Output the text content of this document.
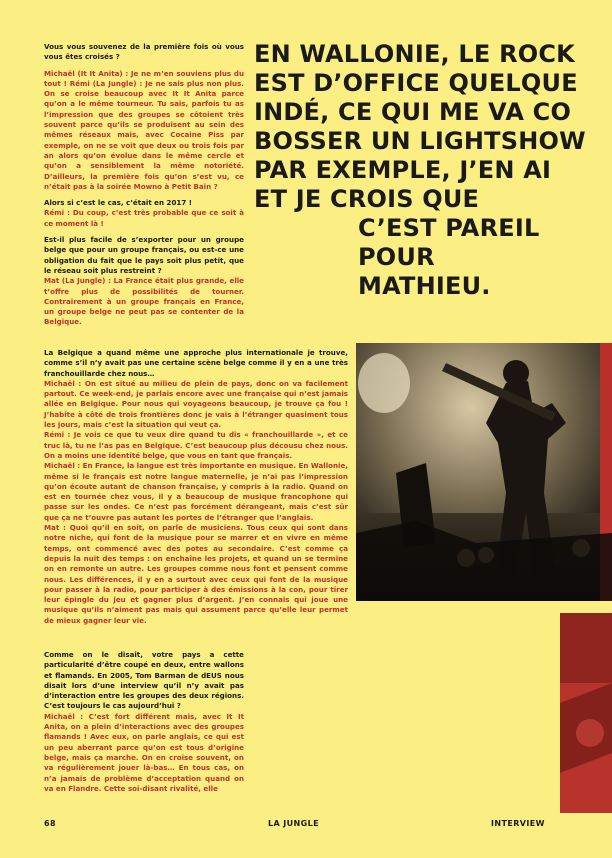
EN WALLONIE, LE ROCK
EST D’OFFICE QUELQUE
INDÉ, CE QUI ME VA CO
BOSSER UN LIGHTSHOW
PAR EXEMPLE, J’EN AI
ET JE CROIS QUE
C’EST PAREIL
POUR
MATHIEU.

Vous vous souvenez de la première fois où vous vous êtes croisés ?

Michaël (It It Anita) : Je ne m’en souviens plus du tout ! Rémi (La Jungle) : Je ne sais plus non plus. On se croise beaucoup avec It It Anita parce qu’on a le même tourneur. Tu sais, parfois tu as l’impression que des groupes se côtoient très souvent parce qu’ils se produisent au sein des mêmes réseaux mais, avec Cocaine Piss par exemple, on ne se voit que deux ou trois fois par an alors qu’on évolue dans le même cercle et qu’on a sensiblement la même notoriété. D’ailleurs, la première fois qu’on s’est vu, ce n’était pas à la soirée Mowno à Petit Bain ?

Alors si c’est le cas, c’était en 2017 !

Rémi : Du coup, c’est très probable que ce soit à ce moment là !

Est-il plus facile de s’exporter pour un groupe belge que pour un groupe français, ou est-ce une obligation du fait que le pays soit plus petit, que le réseau soit plus restreint ?

Mat (La Jungle) : La France était plus grande, elle t’offre plus de possibilités de tourner. Contrairement à un groupe français en France, un groupe belge ne peut pas se contenter de la Belgique.

La Belgique a quand même une approche plus internationale je trouve, comme s’il n’y avait pas une certaine scène belge comme il y en a une très franchouillarde chez nous…

Michaël : On est situé au milieu de plein de pays, donc on va facilement partout. Ce week-end, je parlais encore avec une française qui n’est jamais allée en Belgique. Pour nous qui voyageons beaucoup, je trouve ça fou ! J’habite à côté de trois frontières donc je vais à l’étranger quasiment tous les jours, mais c’est la situation qui veut ça.

Rémi : Je vois ce que tu veux dire quand tu dis « franchouillarde », et ce truc là, tu ne l’as pas en Belgique. C’est beaucoup plus décousu chez nous. On a moins une identité belge, que vous en tant que français.

Michaël : En France, la langue est très importante en musique. En Wallonie, même si le français est notre langue maternelle, je n’ai pas l’impression qu’on écoute autant de chanson française, y compris à la radio. Quand on est en tournée chez vous, il y a beaucoup de musique francophone qui passe sur les ondes. Ce n’est pas forcément dérangeant, mais c’est sûr que ça ne t’ouvre pas autant les portes de l’étranger que l’anglais.

Mat : Quoi qu’il en soit, on parle de musiciens. Tous ceux qui sont dans notre niche, qui font de la musique pour se marrer et en vivre en même temps, ont commencé avec des potes au secondaire. C’est comme ça depuis la nuit des temps : on enchaîne les projets, et quand un se termine on en remonte un autre. Les groupes comme nous font et pensent comme nous. Les différences, il y en a surtout avec ceux qui font de la musique pour passer à la radio, pour participer à des émissions à la con, pour tirer leur épingle du jeu et gagner plus d’argent. J’en connais qui joue une musique qu’ils n’aiment pas mais qui assument parce qu’elle leur permet de mieux gagner leur vie.

Comme on le disait, votre pays a cette particularité d’être coupé en deux, entre wallons et flamands. En 2005, Tom Barman de dEUS nous disait lors d’une interview qu’il n’y avait pas d’interaction entre les groupes des deux régions. C’est toujours le cas aujourd’hui ?

Michaël : C’est fort différent mais, avec It It Anita, on a plein d’interactions avec des groupes flamands ! Avec eux, on parle anglais, ce qui est un peu aberrant parce qu’on est tous d’origine belge, mais ça marche. On en croise souvent, on va régulièrement jouer là-bas… En tous cas, on n’a jamais de problème d’acceptation quand on va en Flandre. Cette soi-disant rivalité, elle

68	LA JUNGLE	INTERVIEW
